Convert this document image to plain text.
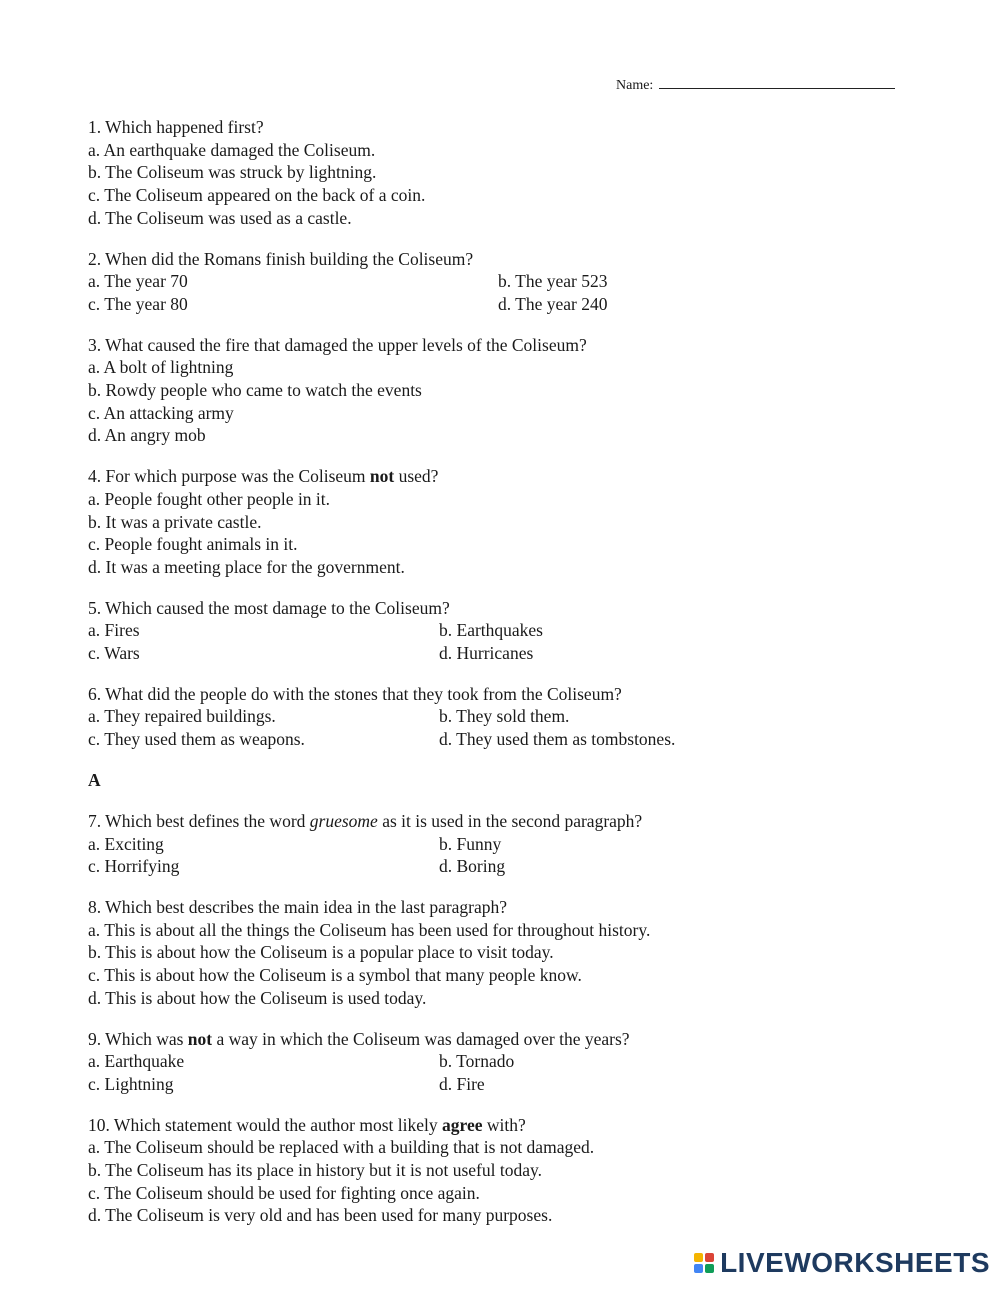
Name:
1. Which happened first?
a. An earthquake damaged the Coliseum.
b. The Coliseum was struck by lightning.
c. The Coliseum appeared on the back of a coin.
d. The Coliseum was used as a castle.
2. When did the Romans finish building the Coliseum?
a. The year 70	b. The year 523
c. The year 80	d. The year 240
3. What caused the fire that damaged the upper levels of the Coliseum?
a. A bolt of lightning
b. Rowdy people who came to watch the events
c. An attacking army
d. An angry mob
4. For which purpose was the Coliseum not used?
a. People fought other people in it.
b. It was a private castle.
c. People fought animals in it.
d. It was a meeting place for the government.
5. Which caused the most damage to the Coliseum?
a. Fires	b. Earthquakes
c. Wars	d. Hurricanes
6. What did the people do with the stones that they took from the Coliseum?
a. They repaired buildings.	b. They sold them.
c. They used them as weapons.	d. They used them as tombstones.
A
7. Which best defines the word gruesome as it is used in the second paragraph?
a. Exciting	b. Funny
c. Horrifying	d. Boring
8. Which best describes the main idea in the last paragraph?
a. This is about all the things the Coliseum has been used for throughout history.
b. This is about how the Coliseum is a popular place to visit today.
c. This is about how the Coliseum is a symbol that many people know.
d. This is about how the Coliseum is used today.
9. Which was not a way in which the Coliseum was damaged over the years?
a. Earthquake	b. Tornado
c. Lightning	d. Fire
10. Which statement would the author most likely agree with?
a. The Coliseum should be replaced with a building that is not damaged.
b. The Coliseum has its place in history but it is not useful today.
c. The Coliseum should be used for fighting once again.
d. The Coliseum is very old and has been used for many purposes.
LIVEWORKSHEETS
